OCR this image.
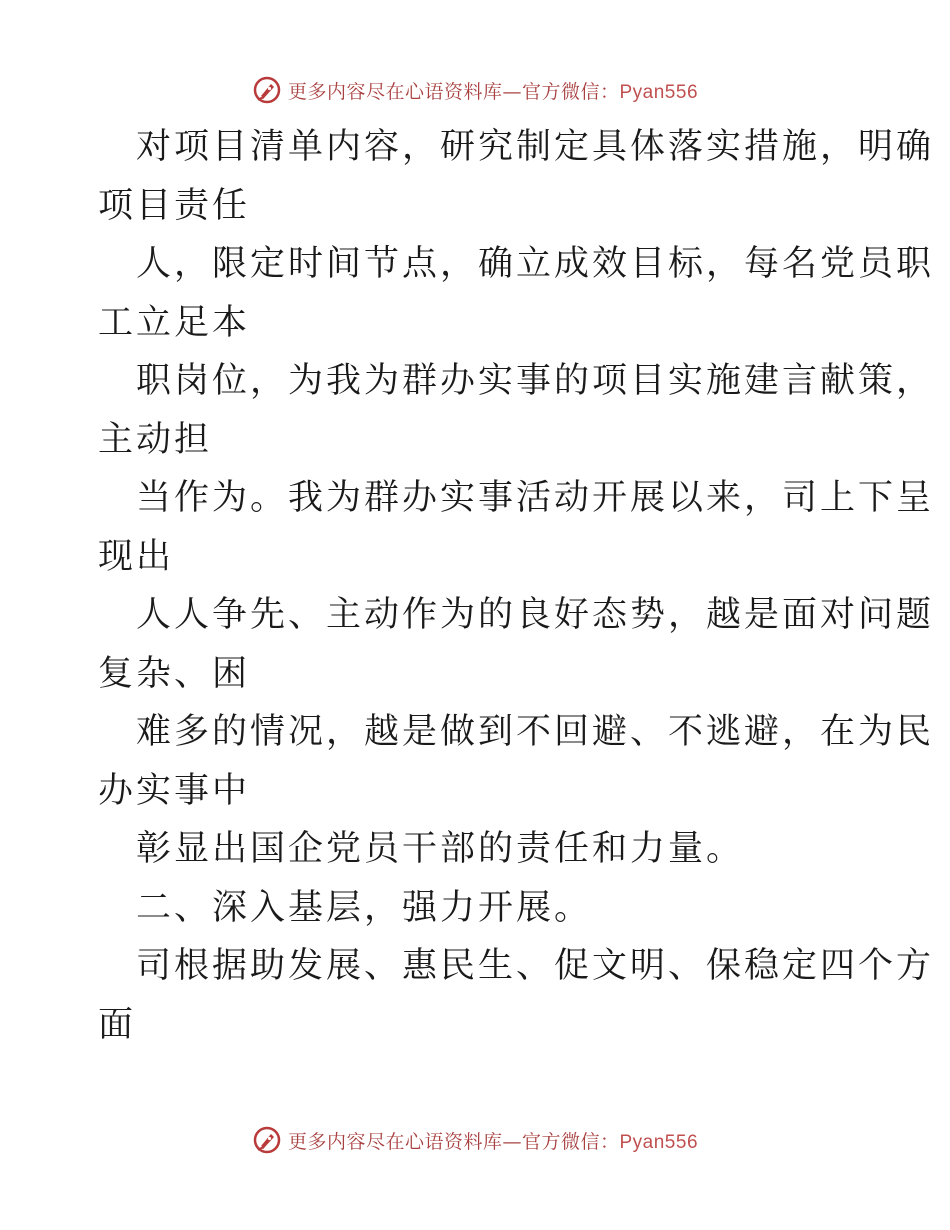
更多内容尽在心语资料库—官方微信：Pyan556
对项目清单内容，研究制定具体落实措施，明确
项目责任
人，限定时间节点，确立成效目标，每名党员职
工立足本
职岗位，为我为群办实事的项目实施建言献策，
主动担
当作为。我为群办实事活动开展以来，司上下呈
现出
人人争先、主动作为的良好态势，越是面对问题
复杂、困
难多的情况，越是做到不回避、不逃避，在为民
办实事中
彰显出国企党员干部的责任和力量。
二、深入基层，强力开展。
司根据助发展、惠民生、促文明、保稳定四个方
面
更多内容尽在心语资料库—官方微信：Pyan556
